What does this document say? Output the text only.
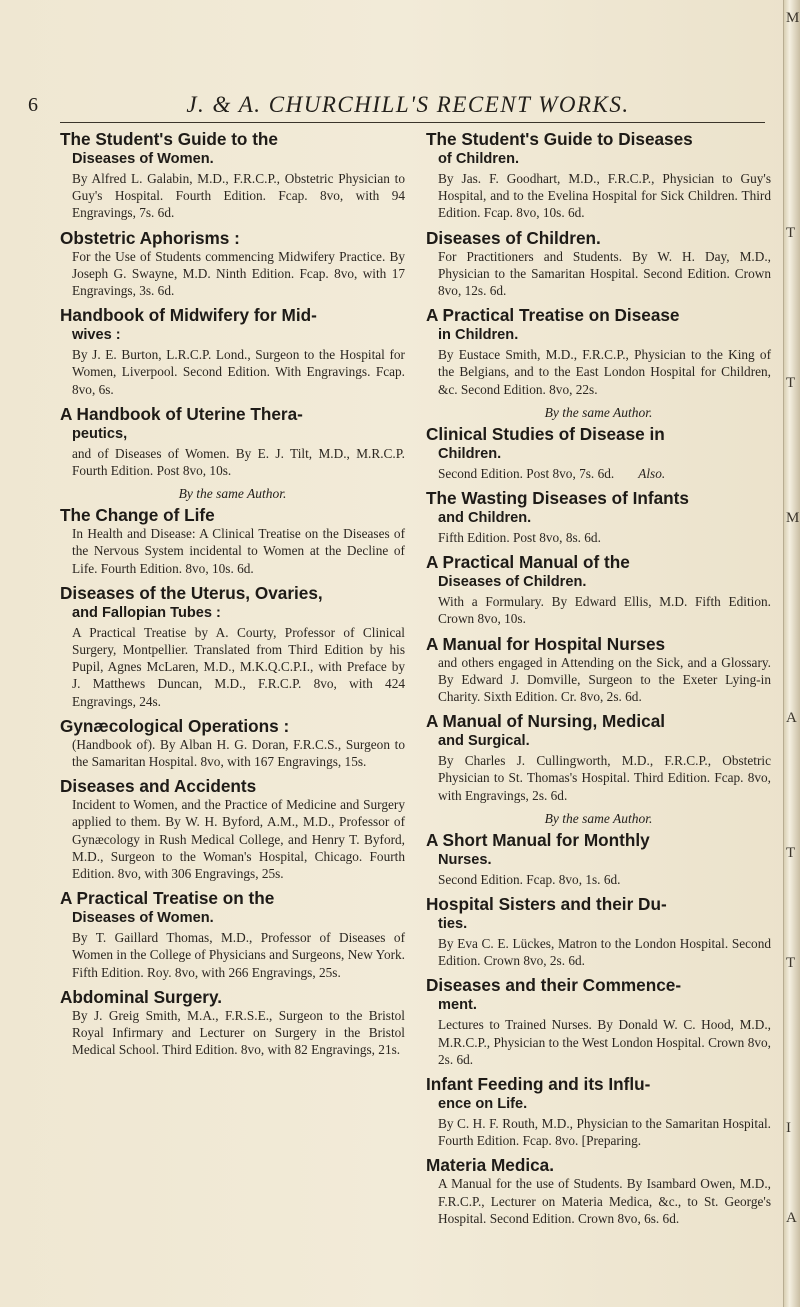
6	J. & A. CHURCHILL'S RECENT WORKS.
The Student's Guide to the
Diseases of Women.
By Alfred L. Galabin, M.D., F.R.C.P., Obstetric Physician to Guy's Hospital. Fourth Edition. Fcap. 8vo, with 94 Engravings, 7s. 6d.
Obstetric Aphorisms :
For the Use of Students commencing Midwifery Practice. By Joseph G. Swayne, M.D. Ninth Edition. Fcap. 8vo, with 17 Engravings, 3s. 6d.
Handbook of Midwifery for Mid-
wives :
By J. E. Burton, L.R.C.P. Lond., Surgeon to the Hospital for Women, Liverpool. Second Edition. With Engravings. Fcap. 8vo, 6s.
A Handbook of Uterine Thera-
peutics,
and of Diseases of Women. By E. J. Tilt, M.D., M.R.C.P. Fourth Edition. Post 8vo, 10s.
By the same Author.
The Change of Life
In Health and Disease: A Clinical Treatise on the Diseases of the Nervous System incidental to Women at the Decline of Life. Fourth Edition. 8vo, 10s. 6d.
Diseases of the Uterus, Ovaries,
and Fallopian Tubes :
A Practical Treatise by A. Courty, Professor of Clinical Surgery, Montpellier. Translated from Third Edition by his Pupil, Agnes McLaren, M.D., M.K.Q.C.P.I., with Preface by J. Matthews Duncan, M.D., F.R.C.P. 8vo, with 424 Engravings, 24s.
Gynæcological Operations :
(Handbook of). By Alban H. G. Doran, F.R.C.S., Surgeon to the Samaritan Hospital. 8vo, with 167 Engravings, 15s.
Diseases and Accidents
Incident to Women, and the Practice of Medicine and Surgery applied to them. By W. H. Byford, A.M., M.D., Professor of Gynæcology in Rush Medical College, and Henry T. Byford, M.D., Surgeon to the Woman's Hospital, Chicago. Fourth Edition. 8vo, with 306 Engravings, 25s.
A Practical Treatise on the
Diseases of Women.
By T. Gaillard Thomas, M.D., Professor of Diseases of Women in the College of Physicians and Surgeons, New York. Fifth Edition. Roy. 8vo, with 266 Engravings, 25s.
Abdominal Surgery.
By J. Greig Smith, M.A., F.R.S.E., Surgeon to the Bristol Royal Infirmary and Lecturer on Surgery in the Bristol Medical School. Third Edition. 8vo, with 82 Engravings, 21s.
The Student's Guide to Diseases
of Children.
By Jas. F. Goodhart, M.D., F.R.C.P., Physician to Guy's Hospital, and to the Evelina Hospital for Sick Children. Third Edition. Fcap. 8vo, 10s. 6d.
Diseases of Children.
For Practitioners and Students. By W. H. Day, M.D., Physician to the Samaritan Hospital. Second Edition. Crown 8vo, 12s. 6d.
A Practical Treatise on Disease
in Children.
By Eustace Smith, M.D., F.R.C.P., Physician to the King of the Belgians, and to the East London Hospital for Children, &c. Second Edition. 8vo, 22s.
By the same Author.
Clinical Studies of Disease in
Children.
Second Edition. Post 8vo, 7s. 6d. Also.
The Wasting Diseases of Infants
and Children.
Fifth Edition. Post 8vo, 8s. 6d.
A Practical Manual of the
Diseases of Children.
With a Formulary. By Edward Ellis, M.D. Fifth Edition. Crown 8vo, 10s.
A Manual for Hospital Nurses
and others engaged in Attending on the Sick, and a Glossary. By Edward J. Domville, Surgeon to the Exeter Lying-in Charity. Sixth Edition. Cr. 8vo, 2s. 6d.
A Manual of Nursing, Medical
and Surgical.
By Charles J. Cullingworth, M.D., F.R.C.P., Obstetric Physician to St. Thomas's Hospital. Third Edition. Fcap. 8vo, with Engravings, 2s. 6d.
By the same Author.
A Short Manual for Monthly
Nurses.
Second Edition. Fcap. 8vo, 1s. 6d.
Hospital Sisters and their Du-
ties.
By Eva C. E. Lückes, Matron to the London Hospital. Second Edition. Crown 8vo, 2s. 6d.
Diseases and their Commence-
ment.
Lectures to Trained Nurses. By Donald W. C. Hood, M.D., M.R.C.P., Physician to the West London Hospital. Crown 8vo, 2s. 6d.
Infant Feeding and its Influ-
ence on Life.
By C. H. F. Routh, M.D., Physician to the Samaritan Hospital. Fourth Edition. Fcap. 8vo. [Preparing.
Materia Medica.
A Manual for the use of Students. By Isambard Owen, M.D., F.R.C.P., Lecturer on Materia Medica, &c., to St. George's Hospital. Second Edition. Crown 8vo, 6s. 6d.
M
T
T
M
A
T
T
I
A
